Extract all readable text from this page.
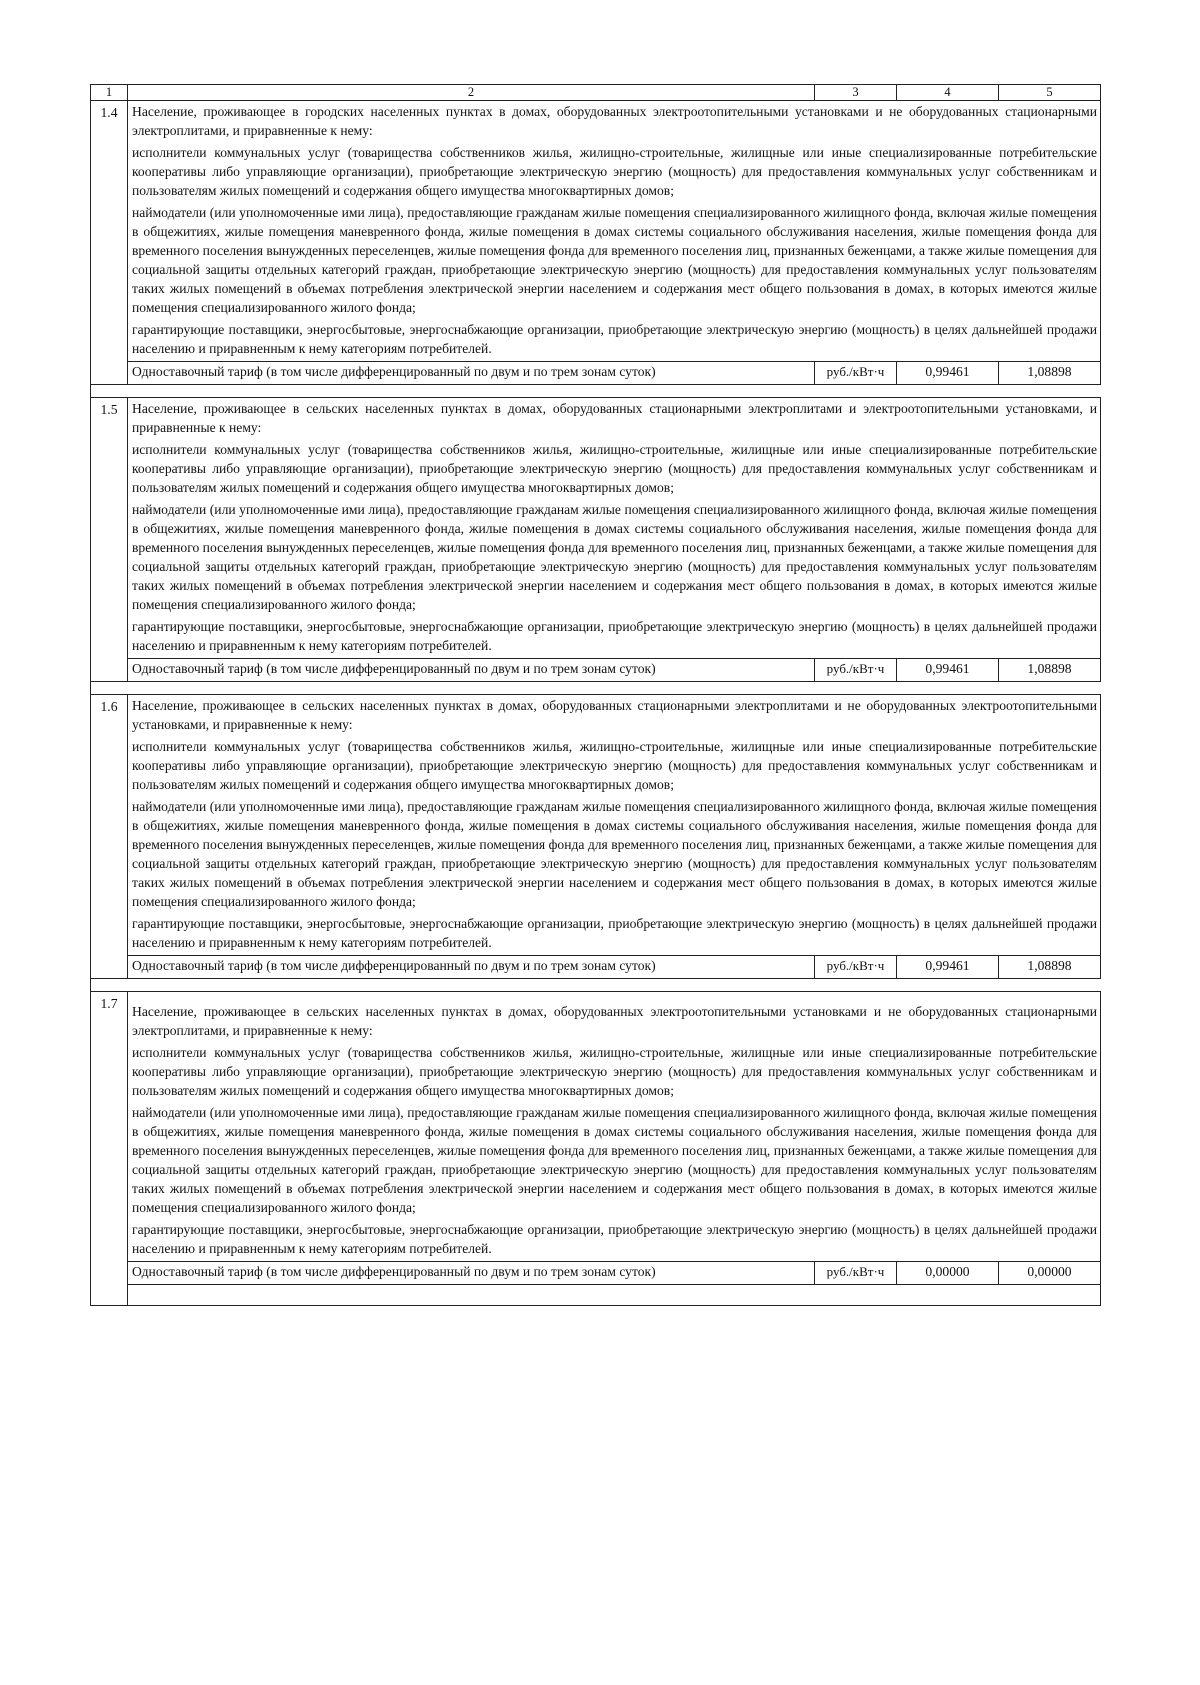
1	2	3	4	5
1.4	Население, проживающее в городских населенных пунктах в домах, оборудованных электроотопительными установками и не оборудованных стационарными электроплитами, и приравненные к нему:
исполнители коммунальных услуг (товарищества собственников жилья, жилищно-строительные, жилищные или иные специализированные потребительские кооперативы либо управляющие организации), приобретающие электрическую энергию (мощность) для предоставления коммунальных услуг собственникам и пользователям жилых помещений и содержания общего имущества многоквартирных домов;
наймодатели (или уполномоченные ими лица), предоставляющие гражданам жилые помещения специализированного жилищного фонда, включая жилые помещения в общежитиях, жилые помещения маневренного фонда, жилые помещения в домах системы социального обслуживания населения, жилые помещения фонда для временного поселения вынужденных переселенцев, жилые помещения фонда для временного поселения лиц, признанных беженцами, а также жилые помещения для социальной защиты отдельных категорий граждан, приобретающие электрическую энергию (мощность) для предоставления коммунальных услуг пользователям таких жилых помещений в объемах потребления электрической энергии населением и содержания мест общего пользования в домах, в которых имеются жилые помещения специализированного жилого фонда;
гарантирующие поставщики, энергосбытовые, энергоснабжающие организации, приобретающие электрическую энергию (мощность) в целях дальнейшей продажи населению и приравненным к нему категориям потребителей.			

	Одноставочный тариф (в том числе дифференцированный по двум и по трем зонам суток)	руб./кВт·ч	0,99461	1,08898

1.5	Население, проживающее в сельских населенных пунктах в домах, оборудованных стационарными электроплитами и электроотопительными установками, и приравненные к нему:
исполнители коммунальных услуг (товарищества собственников жилья, жилищно-строительные, жилищные или иные специализированные потребительские кооперативы либо управляющие организации), приобретающие электрическую энергию (мощность) для предоставления коммунальных услуг собственникам и пользователям жилых помещений и содержания общего имущества многоквартирных домов;
наймодатели (или уполномоченные ими лица), предоставляющие гражданам жилые помещения специализированного жилищного фонда, включая жилые помещения в общежитиях, жилые помещения маневренного фонда, жилые помещения в домах системы социального обслуживания населения, жилые помещения фонда для временного поселения вынужденных переселенцев, жилые помещения фонда для временного поселения лиц, признанных беженцами, а также жилые помещения для социальной защиты отдельных категорий граждан, приобретающие электрическую энергию (мощность) для предоставления коммунальных услуг пользователям таких жилых помещений в объемах потребления электрической энергии населением и содержания мест общего пользования в домах, в которых имеются жилые помещения специализированного жилого фонда;
гарантирующие поставщики, энергосбытовые, энергоснабжающие организации, приобретающие электрическую энергию (мощность) в целях дальнейшей продажи населению и приравненным к нему категориям потребителей.			

	Одноставочный тариф (в том числе дифференцированный по двум и по трем зонам суток)	руб./кВт·ч	0,99461	1,08898

1.6	Население, проживающее в сельских населенных пунктах в домах, оборудованных стационарными электроплитами и не оборудованных электроотопительными установками, и приравненные к нему:
исполнители коммунальных услуг (товарищества собственников жилья, жилищно-строительные, жилищные или иные специализированные потребительские кооперативы либо управляющие организации), приобретающие электрическую энергию (мощность) для предоставления коммунальных услуг собственникам и пользователям жилых помещений и содержания общего имущества многоквартирных домов;
наймодатели (или уполномоченные ими лица), предоставляющие гражданам жилые помещения специализированного жилищного фонда, включая жилые помещения в общежитиях, жилые помещения маневренного фонда, жилые помещения в домах системы социального обслуживания населения, жилые помещения фонда для временного поселения вынужденных переселенцев, жилые помещения фонда для временного поселения лиц, признанных беженцами, а также жилые помещения для социальной защиты отдельных категорий граждан, приобретающие электрическую энергию (мощность) для предоставления коммунальных услуг пользователям таких жилых помещений в объемах потребления электрической энергии населением и содержания мест общего пользования в домах, в которых имеются жилые помещения специализированного жилого фонда;
гарантирующие поставщики, энергосбытовые, энергоснабжающие организации, приобретающие электрическую энергию (мощность) в целях дальнейшей продажи населению и приравненным к нему категориям потребителей.			

	Одноставочный тариф (в том числе дифференцированный по двум и по трем зонам суток)	руб./кВт·ч	0,99461	1,08898

1.7	Население, проживающее в сельских населенных пунктах в домах, оборудованных электроотопительными установками и не оборудованных стационарными электроплитами, и приравненные к нему:
исполнители коммунальных услуг (товарищества собственников жилья, жилищно-строительные, жилищные или иные специализированные потребительские кооперативы либо управляющие организации), приобретающие электрическую энергию (мощность) для предоставления коммунальных услуг собственникам и пользователям жилых помещений и содержания общего имущества многоквартирных домов;
наймодатели (или уполномоченные ими лица), предоставляющие гражданам жилые помещения специализированного жилищного фонда, включая жилые помещения в общежитиях, жилые помещения маневренного фонда, жилые помещения в домах системы социального обслуживания населения, жилые помещения фонда для временного поселения вынужденных переселенцев, жилые помещения фонда для временного поселения лиц, признанных беженцами, а также жилые помещения для социальной защиты отдельных категорий граждан, приобретающие электрическую энергию (мощность) для предоставления коммунальных услуг пользователям таких жилых помещений в объемах потребления электрической энергии населением и содержания мест общего пользования в домах, в которых имеются жилые помещения специализированного жилого фонда;
гарантирующие поставщики, энергосбытовые, энергоснабжающие организации, приобретающие электрическую энергию (мощность) в целях дальнейшей продажи населению и приравненным к нему категориям потребителей.			

	Одноставочный тариф (в том числе дифференцированный по двум и по трем зонам суток)	руб./кВт·ч	0,00000	0,00000
